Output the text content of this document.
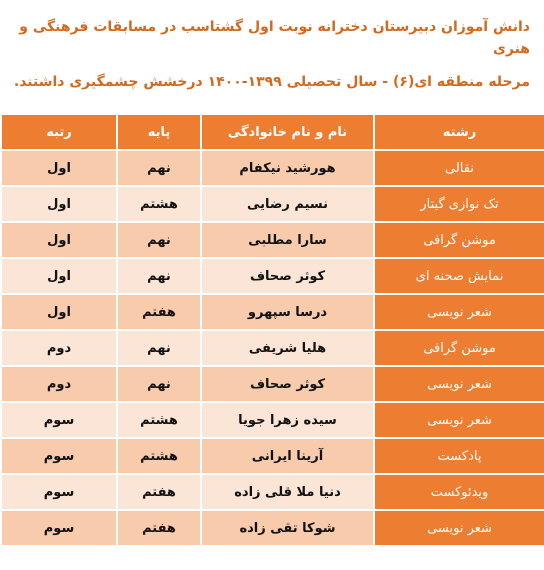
دانش آموزان دبیرستان دخترانه نوبت اول گشتاسب در مسابقات فرهنگی و هنری
مرحله منطقه ای(۶) - سال تحصیلی ۱۳۹۹-۱۴۰۰ درخشش چشمگیری داشتند.
رشته	نام و نام خانوادگی	پایه	رتبه
نقالی	هورشید نیکفام	نهم	اول
تک نوازی گیتار	نسیم رضایی	هشتم	اول
موشن گرافی	سارا مطلبی	نهم	اول
نمایش صحنه ای	کوثر صحاف	نهم	اول
شعر نویسی	درسا سپهرو	هفتم	اول
موشن گرافی	هلیا شریفی	نهم	دوم
شعر نویسی	کوثر صحاف	نهم	دوم
شعر نویسی	سیده زهرا جویا	هشتم	سوم
پادکست	آرینا ایرانی	هشتم	سوم
ویدئوکست	دنیا ملا قلی زاده	هفتم	سوم
شعر نویسی	شوکا تقی زاده	هفتم	سوم
